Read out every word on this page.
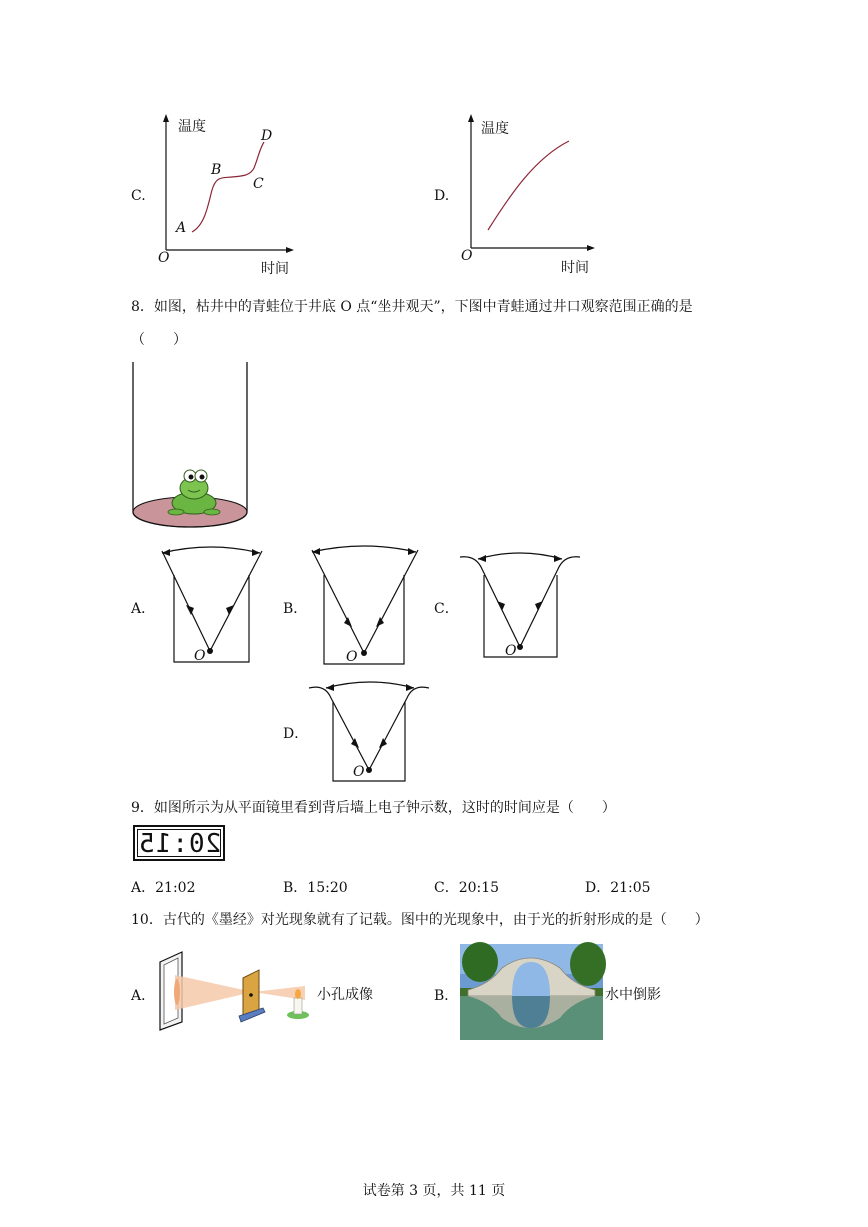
C.
温度
D
B
C
A
O
时间
D.
温度
O
时间
8．如图，枯井中的青蛙位于井底 O 点“坐井观天”，下图中青蛙通过井口观察范围正确的是
（　　）
A．
O
B．
O
C．
O
D．
O
9．如图所示为从平面镜里看到背后墙上电子钟示数，这时的时间应是（　　）
20:15
A．21:02	B．15:20	C．20:15	D．21:05
10．古代的《墨经》对光现象就有了记载。图中的光现象中，由于光的折射形成的是（　　）
A．	小孔成像	B．	水中倒影
试卷第 3 页，共 11 页
